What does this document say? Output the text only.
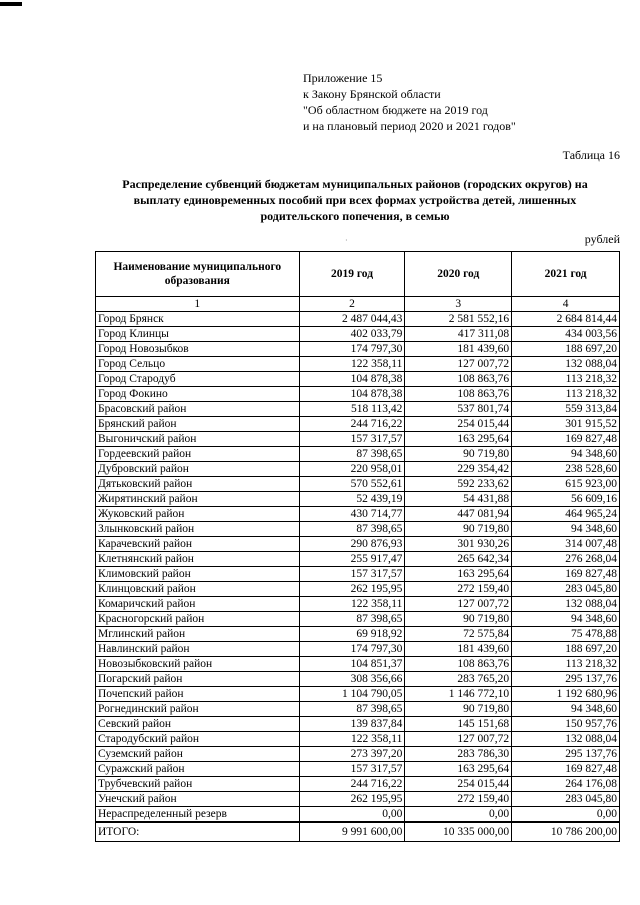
Приложение 15
к Закону Брянской области
"Об областном бюджете на 2019 год
и на плановый период 2020 и 2021 годов"
Таблица 16
Распределение субвенций бюджетам муниципальных районов (городских округов) на
выплату единовременных пособий при всех формах устройства детей, лишенных
родительского попечения, в семью
·	рублей
Наименование муниципального образования	2019 год	2020 год	2021 год
1	2	3	4
Город Брянск	2 487 044,43	2 581 552,16	2 684 814,44
Город Клинцы	402 033,79	417 311,08	434 003,56
Город Новозыбков	174 797,30	181 439,60	188 697,20
Город Сельцо	122 358,11	127 007,72	132 088,04
Город Стародуб	104 878,38	108 863,76	113 218,32
Город Фокино	104 878,38	108 863,76	113 218,32
Брасовский район	518 113,42	537 801,74	559 313,84
Брянский район	244 716,22	254 015,44	301 915,52
Выгоничский район	157 317,57	163 295,64	169 827,48
Гордеевский район	87 398,65	90 719,80	94 348,60
Дубровский район	220 958,01	229 354,42	238 528,60
Дятьковский район	570 552,61	592 233,62	615 923,00
Жирятинский район	52 439,19	54 431,88	56 609,16
Жуковский район	430 714,77	447 081,94	464 965,24
Злынковский район	87 398,65	90 719,80	94 348,60
Карачевский район	290 876,93	301 930,26	314 007,48
Клетнянский район	255 917,47	265 642,34	276 268,04
Климовский район	157 317,57	163 295,64	169 827,48
Клинцовский район	262 195,95	272 159,40	283 045,80
Комаричский район	122 358,11	127 007,72	132 088,04
Красногорский район	87 398,65	90 719,80	94 348,60
Мглинский район	69 918,92	72 575,84	75 478,88
Навлинский район	174 797,30	181 439,60	188 697,20
Новозыбковский район	104 851,37	108 863,76	113 218,32
Погарский район	308 356,66	283 765,20	295 137,76
Почепский район	1 104 790,05	1 146 772,10	1 192 680,96
Рогнединский район	87 398,65	90 719,80	94 348,60
Севский район	139 837,84	145 151,68	150 957,76
Стародубский район	122 358,11	127 007,72	132 088,04
Суземский район	273 397,20	283 786,30	295 137,76
Суражский район	157 317,57	163 295,64	169 827,48
Трубчевский район	244 716,22	254 015,44	264 176,08
Унечский район	262 195,95	272 159,40	283 045,80
Нераспределенный резерв	0,00	0,00	0,00
ИТОГО:	9 991 600,00	10 335 000,00	10 786 200,00
